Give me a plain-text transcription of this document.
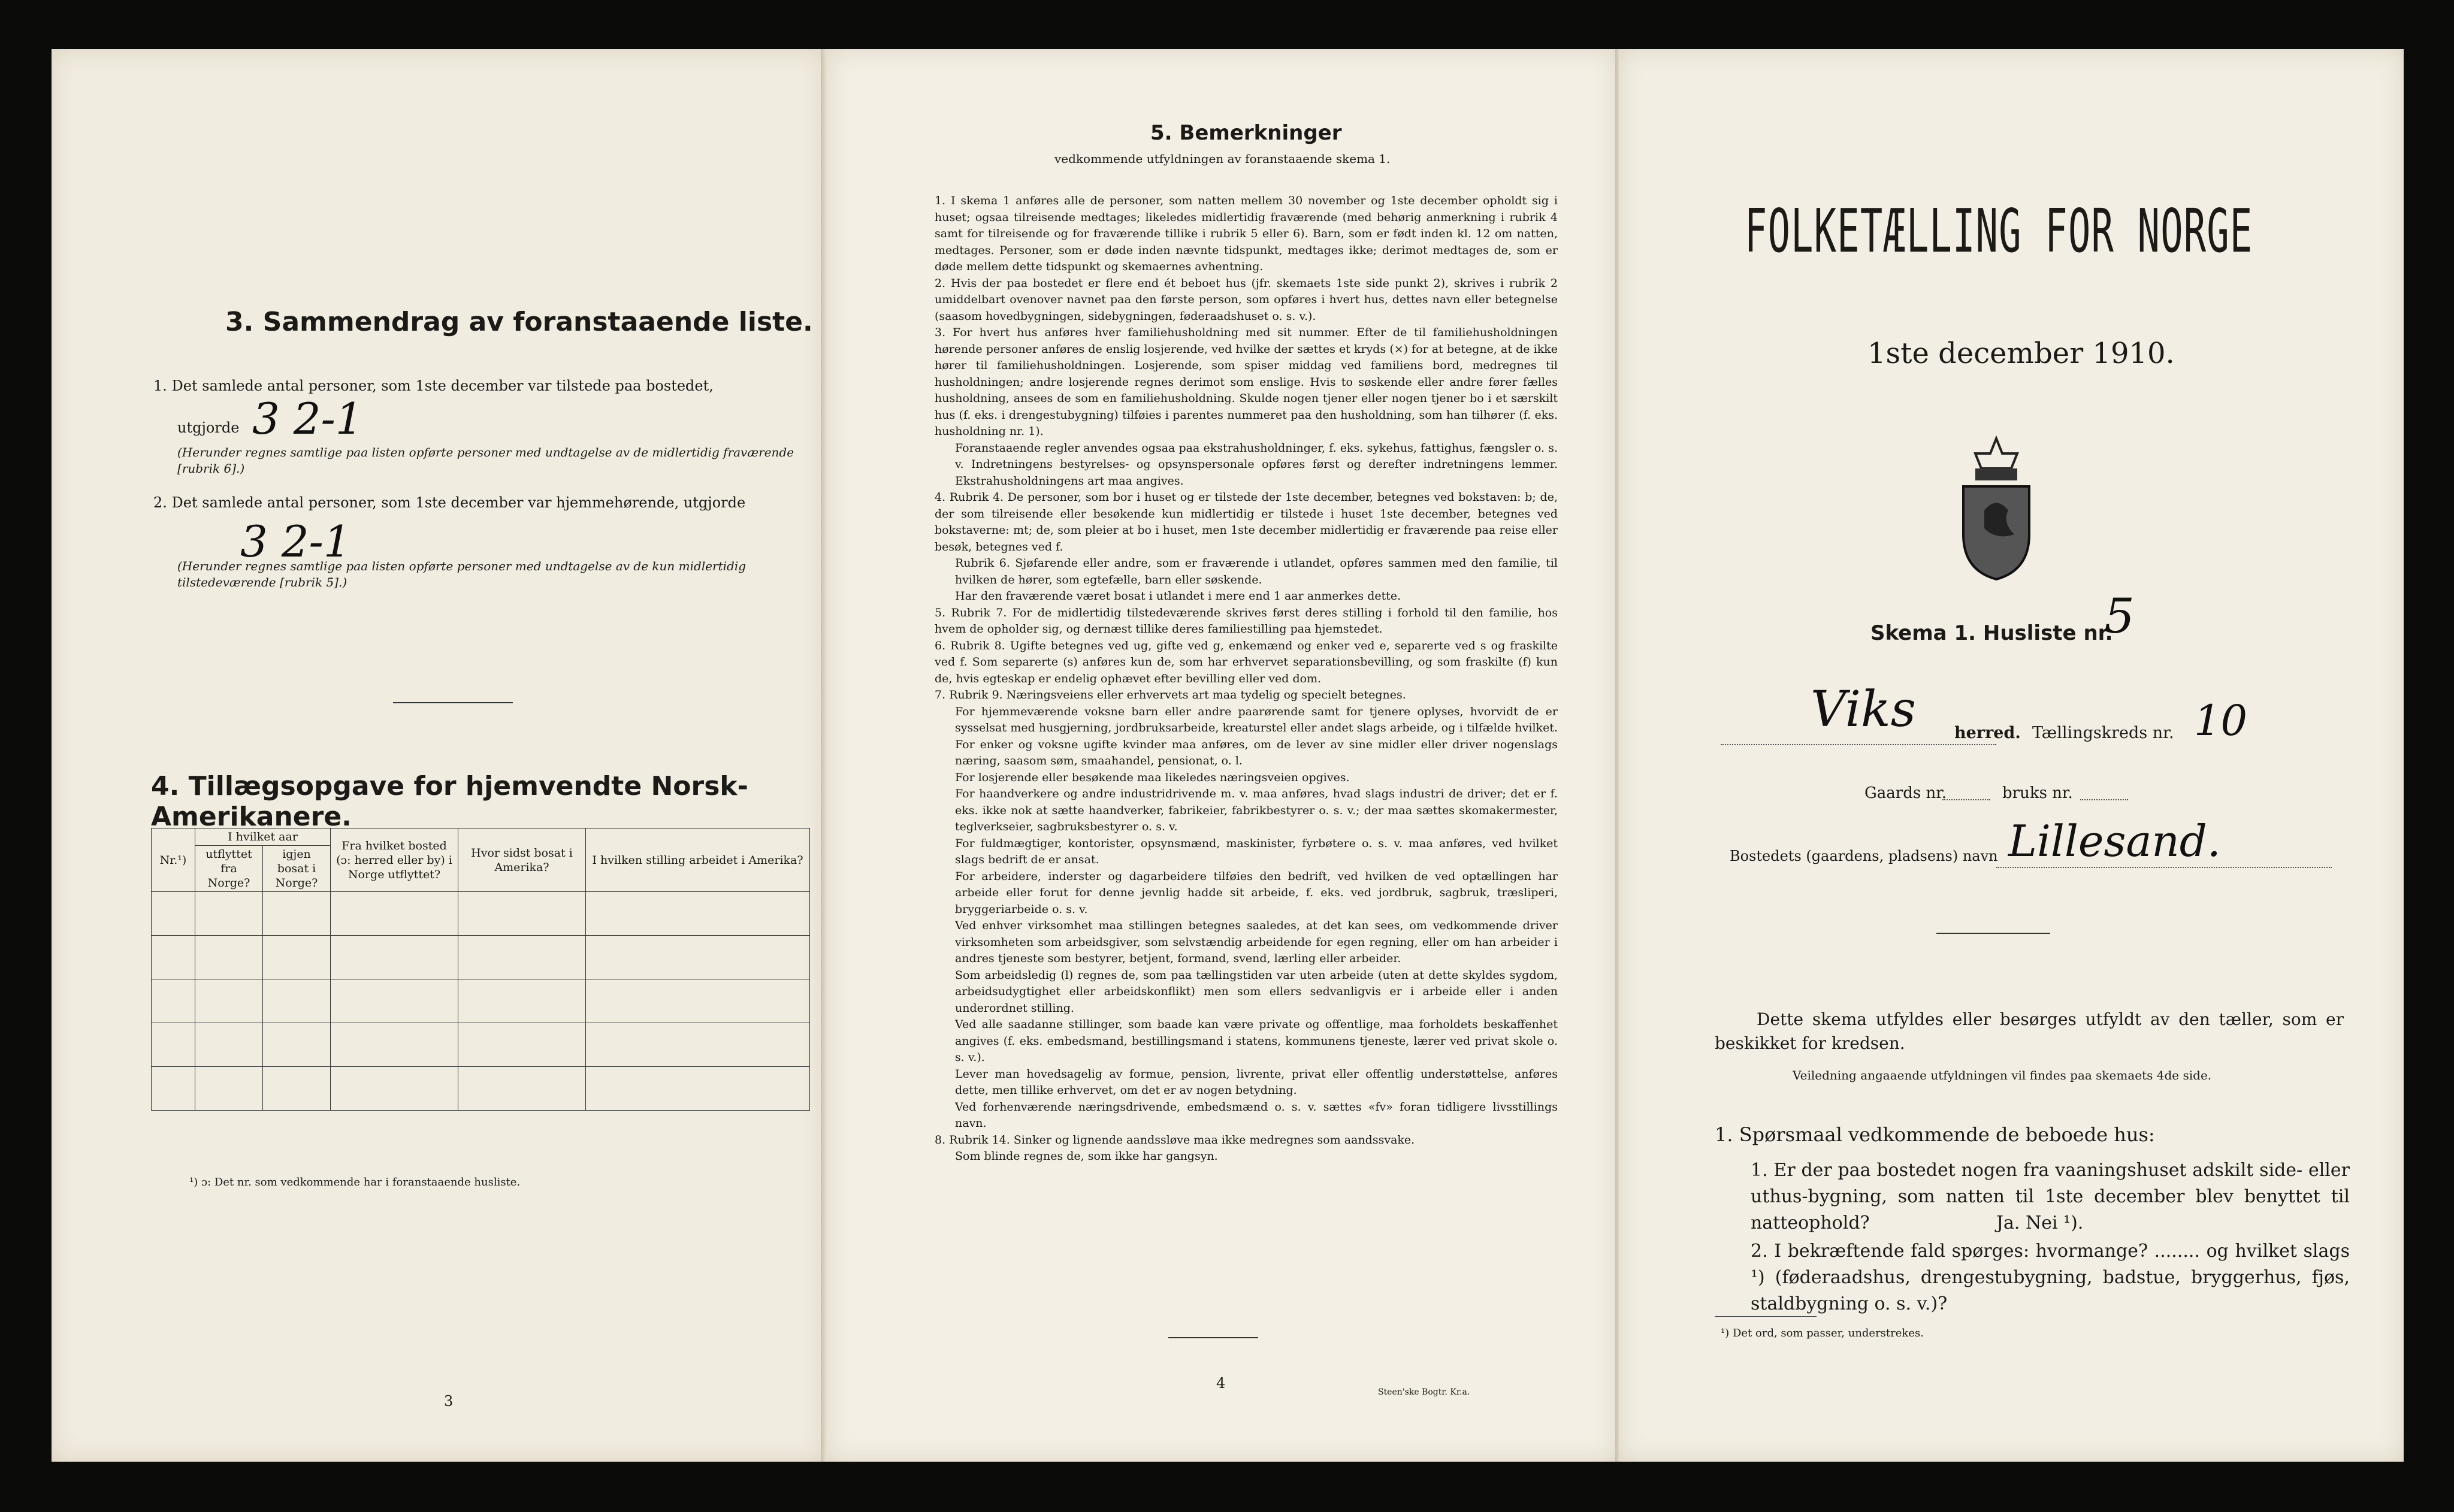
3. Sammendrag av foranstaaende liste.
1. Det samlede antal personer, som 1ste december var tilstede paa bostedet,
utgjorde 3 2-1
(Herunder regnes samtlige paa listen opførte personer med undtagelse av de midlertidig fraværende [rubrik 6].)
2. Det samlede antal personer, som 1ste december var hjemmehørende, utgjorde
3 2-1
(Herunder regnes samtlige paa listen opførte personer med undtagelse av de kun midlertidig tilstedeværende [rubrik 5].)
4. Tillægsopgave for hjemvendte Norsk-Amerikanere.
Nr.¹)	I hvilket aar		Fra hvilket bosted (ɔ: herred eller by) i Norge utflyttet?	Hvor sidst bosat i Amerika?	I hvilken stilling arbeidet i Amerika?
	utflyttet fra Norge?	igjen bosat i Norge?			

¹) ɔ: Det nr. som vedkommende har i foranstaaende husliste.
3
5. Bemerkninger
vedkommende utfyldningen av foranstaaende skema 1.

1. I skema 1 anføres alle de personer, som natten mellem 30 november og 1ste december opholdt sig i huset; ogsaa tilreisende medtages; likeledes midlertidig fraværende (med behørig anmerkning i rubrik 4 samt for tilreisende og for fraværende tillike i rubrik 5 eller 6). Barn, som er født inden kl. 12 om natten, medtages. Personer, som er døde inden nævnte tidspunkt, medtages ikke; derimot medtages de, som er døde mellem dette tidspunkt og skemaernes avhentning.

2. Hvis der paa bostedet er flere end ét beboet hus (jfr. skemaets 1ste side punkt 2), skrives i rubrik 2 umiddelbart ovenover navnet paa den første person, som opføres i hvert hus, dettes navn eller betegnelse (saasom hovedbygningen, sidebygningen, føderaadshuset o. s. v.).

3. For hvert hus anføres hver familiehusholdning med sit nummer. Efter de til familiehusholdningen hørende personer anføres de enslig losjerende, ved hvilke der sættes et kryds (×) for at betegne, at de ikke hører til familiehusholdningen. Losjerende, som spiser middag ved familiens bord, medregnes til husholdningen; andre losjerende regnes derimot som enslige. Hvis to søskende eller andre fører fælles husholdning, ansees de som en familiehusholdning. Skulde nogen tjener eller nogen tjener bo i et særskilt hus (f. eks. i drengestubygning) tilføies i parentes nummeret paa den husholdning, som han tilhører (f. eks. husholdning nr. 1).

Foranstaaende regler anvendes ogsaa paa ekstrahusholdninger, f. eks. sykehus, fattighus, fængsler o. s. v. Indretningens bestyrelses- og opsynspersonale opføres først og derefter indretningens lemmer. Ekstrahusholdningens art maa angives.

4. Rubrik 4. De personer, som bor i huset og er tilstede der 1ste december, betegnes ved bokstaven: b; de, der som tilreisende eller besøkende kun midlertidig er tilstede i huset 1ste december, betegnes ved bokstaverne: mt; de, som pleier at bo i huset, men 1ste december midlertidig er fraværende paa reise eller besøk, betegnes ved f.

Rubrik 6. Sjøfarende eller andre, som er fraværende i utlandet, opføres sammen med den familie, til hvilken de hører, som egtefælle, barn eller søskende.

Har den fraværende været bosat i utlandet i mere end 1 aar anmerkes dette.

5. Rubrik 7. For de midlertidig tilstedeværende skrives først deres stilling i forhold til den familie, hos hvem de opholder sig, og dernæst tillike deres familiestilling paa hjemstedet.

6. Rubrik 8. Ugifte betegnes ved ug, gifte ved g, enkemænd og enker ved e, separerte ved s og fraskilte ved f. Som separerte (s) anføres kun de, som har erhvervet separationsbevilling, og som fraskilte (f) kun de, hvis egteskap er endelig ophævet efter bevilling eller ved dom.

7. Rubrik 9. Næringsveiens eller erhvervets art maa tydelig og specielt betegnes.

For hjemmeværende voksne barn eller andre paarørende samt for tjenere oplyses, hvorvidt de er sysselsat med husgjerning, jordbruksarbeide, kreaturstel eller andet slags arbeide, og i tilfælde hvilket. For enker og voksne ugifte kvinder maa anføres, om de lever av sine midler eller driver nogenslags næring, saasom søm, smaahandel, pensionat, o. l.

For losjerende eller besøkende maa likeledes næringsveien opgives.

For haandverkere og andre industridrivende m. v. maa anføres, hvad slags industri de driver; det er f. eks. ikke nok at sætte haandverker, fabrikeier, fabrikbestyrer o. s. v.; der maa sættes skomakermester, teglverkseier, sagbruksbestyrer o. s. v.

For fuldmægtiger, kontorister, opsynsmænd, maskinister, fyrbøtere o. s. v. maa anføres, ved hvilket slags bedrift de er ansat.

For arbeidere, inderster og dagarbeidere tilføies den bedrift, ved hvilken de ved optællingen har arbeide eller forut for denne jevnlig hadde sit arbeide, f. eks. ved jordbruk, sagbruk, træsliperi, bryggeriarbeide o. s. v.

Ved enhver virksomhet maa stillingen betegnes saaledes, at det kan sees, om vedkommende driver virksomheten som arbeidsgiver, som selvstændig arbeidende for egen regning, eller om han arbeider i andres tjeneste som bestyrer, betjent, formand, svend, lærling eller arbeider.

Som arbeidsledig (l) regnes de, som paa tællingstiden var uten arbeide (uten at dette skyldes sygdom, arbeidsudygtighet eller arbeidskonflikt) men som ellers sedvanligvis er i arbeide eller i anden underordnet stilling.

Ved alle saadanne stillinger, som baade kan være private og offentlige, maa forholdets beskaffenhet angives (f. eks. embedsmand, bestillingsmand i statens, kommunens tjeneste, lærer ved privat skole o. s. v.).

Lever man hovedsagelig av formue, pension, livrente, privat eller offentlig understøttelse, anføres dette, men tillike erhvervet, om det er av nogen betydning.

Ved forhenværende næringsdrivende, embedsmænd o. s. v. sættes «fv» foran tidligere livsstillings navn.

8. Rubrik 14. Sinker og lignende aandssløve maa ikke medregnes som aandssvake.

Som blinde regnes de, som ikke har gangsyn.

4
Steen'ske Bogtr. Kr.a.
FOLKETÆLLING FOR NORGE
1ste december 1910.
Skema 1. Husliste nr.
5
Viks herred. Tællingskreds nr. 10
Gaards nr.	bruks nr.
Bostedets (gaardens, pladsens) navn Lillesand.
Dette skema utfyldes eller besørges utfyldt av den tæller, som er beskikket for kredsen.
Veiledning angaaende utfyldningen vil findes paa skemaets 4de side.
1. Spørsmaal vedkommende de beboede hus:
1. Er der paa bostedet nogen fra vaaningshuset adskilt side- eller uthus-bygning, som natten til 1ste december blev benyttet til natteophold?	Ja. Nei ¹).
2. I bekræftende fald spørges: hvormange? ........ og hvilket slags ¹) (føderaadshus, drengestubygning, badstue, bryggerhus, fjøs, staldbygning o. s. v.)?
¹) Det ord, som passer, understrekes.
